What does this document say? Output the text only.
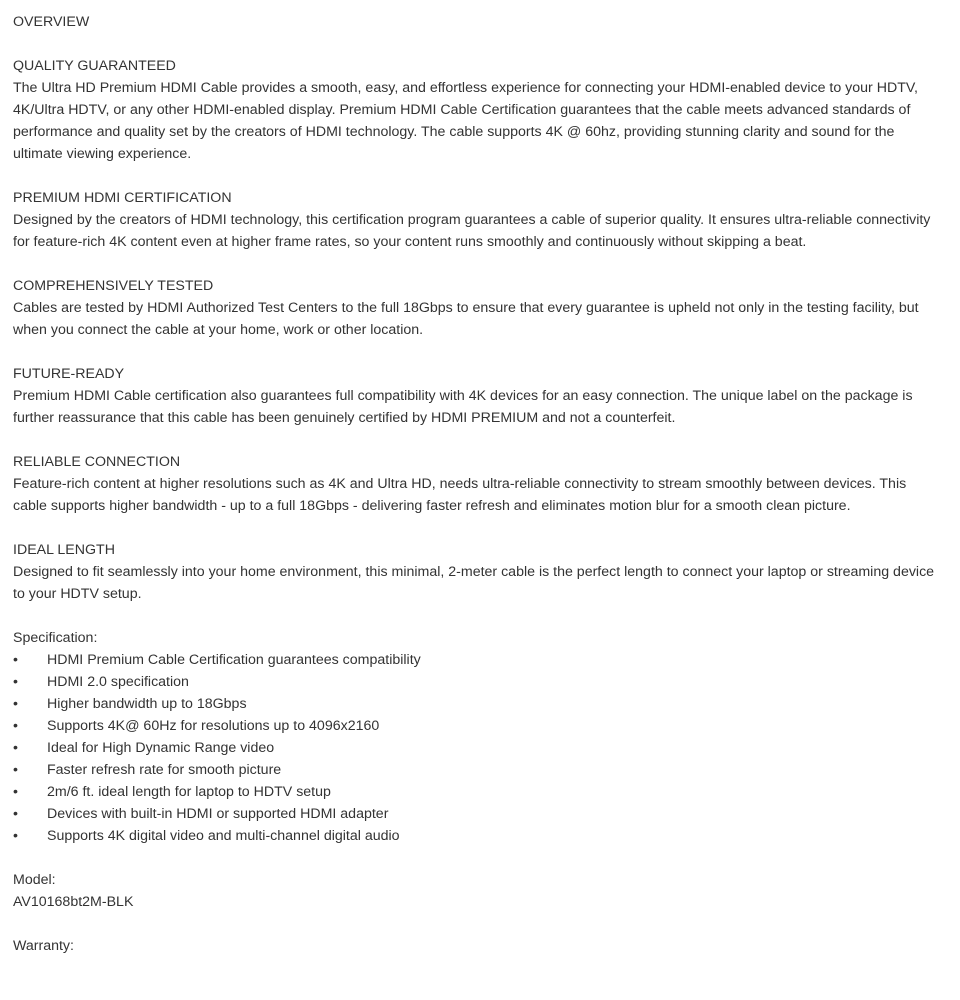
OVERVIEW

QUALITY GUARANTEED

The Ultra HD Premium HDMI Cable provides a smooth, easy, and effortless experience for connecting your HDMI-enabled device to your HDTV, 4K/Ultra HDTV, or any other HDMI-enabled display. Premium HDMI Cable Certification guarantees that the cable meets advanced standards of performance and quality set by the creators of HDMI technology. The cable supports 4K @ 60hz, providing stunning clarity and sound for the ultimate viewing experience.

PREMIUM HDMI CERTIFICATION

Designed by the creators of HDMI technology, this certification program guarantees a cable of superior quality. It ensures ultra-reliable connectivity for feature-rich 4K content even at higher frame rates, so your content runs smoothly and continuously without skipping a beat.

COMPREHENSIVELY TESTED

Cables are tested by HDMI Authorized Test Centers to the full 18Gbps to ensure that every guarantee is upheld not only in the testing facility, but when you connect the cable at your home, work or other location.

FUTURE-READY

Premium HDMI Cable certification also guarantees full compatibility with 4K devices for an easy connection. The unique label on the package is further reassurance that this cable has been genuinely certified by HDMI PREMIUM and not a counterfeit.

RELIABLE CONNECTION

Feature-rich content at higher resolutions such as 4K and Ultra HD, needs ultra-reliable connectivity to stream smoothly between devices. This cable supports higher bandwidth - up to a full 18Gbps - delivering faster refresh and eliminates motion blur for a smooth clean picture.

IDEAL LENGTH

Designed to fit seamlessly into your home environment, this minimal, 2-meter cable is the perfect length to connect your laptop or streaming device to your HDTV setup.

Specification:

• HDMI Premium Cable Certification guarantees compatibility
• HDMI 2.0 specification
• Higher bandwidth up to 18Gbps
• Supports 4K@ 60Hz for resolutions up to 4096x2160
• Ideal for High Dynamic Range video
• Faster refresh rate for smooth picture
• 2m/6 ft. ideal length for laptop to HDTV setup
• Devices with built-in HDMI or supported HDMI adapter
• Supports 4K digital video and multi-channel digital audio

Model:

AV10168bt2M-BLK

Warranty:
